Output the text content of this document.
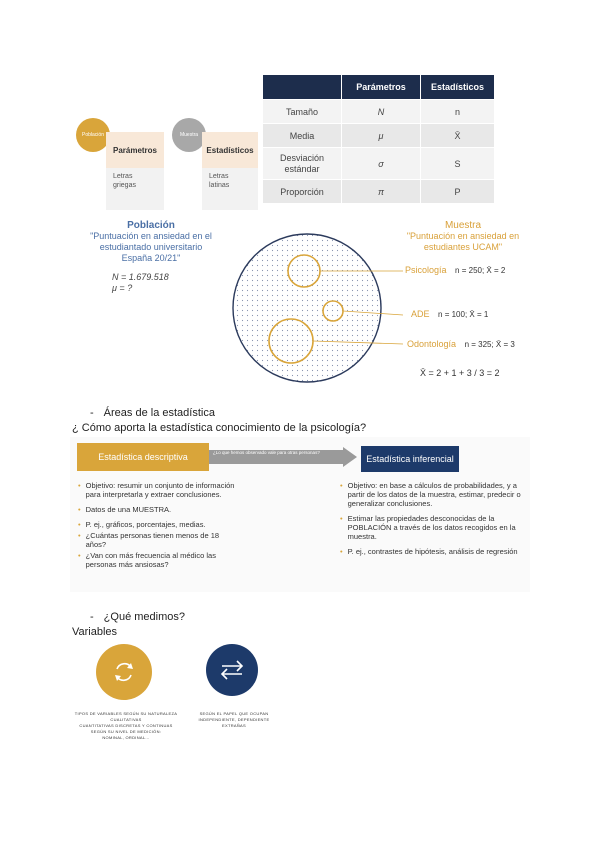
Población
Parámetros
Letras
griegas
Muestra
Estadísticos
Letras
latinas
	Parámetros	Estadísticos
Tamaño	N	n
Media	μ	X̄
Desviación estándar	σ	S
Proporción	π	P
Población
"Puntuación en ansiedad en el
estudiantado universitario
España 20/21"
N = 1.679.518
μ = ?
Muestra
"Puntuación en ansiedad en
estudiantes UCAM"
Psicología n = 250; X̄ = 2
ADE n = 100; X̄ = 1
Odontología n = 325; X̄ = 3
X̄ = 2 + 1 + 3 / 3 = 2
- Áreas de la estadística
¿ Cómo aporta la estadística conocimiento de la psicología?
Estadística descriptiva	¿Lo que hemos observado vale para otras personas?
Estadística inferencial
• Objetivo: resumir un conjunto de información para interpretarla y extraer conclusiones.
• Datos de una MUESTRA.
• P. ej., gráficos, porcentajes, medias.
• ¿Cuántas personas tienen menos de 18 años?
• ¿Van con más frecuencia al médico las personas más ansiosas?
• Objetivo: en base a cálculos de probabilidades, y a partir de los datos de la muestra, estimar, predecir o generalizar conclusiones.
• Estimar las propiedades desconocidas de la POBLACIÓN a través de los datos recogidos en la muestra.
• P. ej., contrastes de hipótesis, análisis de regresión
- ¿Qué medimos?
Variables
TIPOS DE VARIABLES SEGÚN SU NATURALEZA
CUALITATIVAS
CUANTITATIVAS DISCRETAS Y CONTINUAS
SEGÚN SU NIVEL DE MEDICIÓN:
NOMINAL, ORDINAL...
SEGÚN EL PAPEL QUE OCUPAN
INDEPENDIENTE, DEPENDIENTE
EXTRAÑAS
